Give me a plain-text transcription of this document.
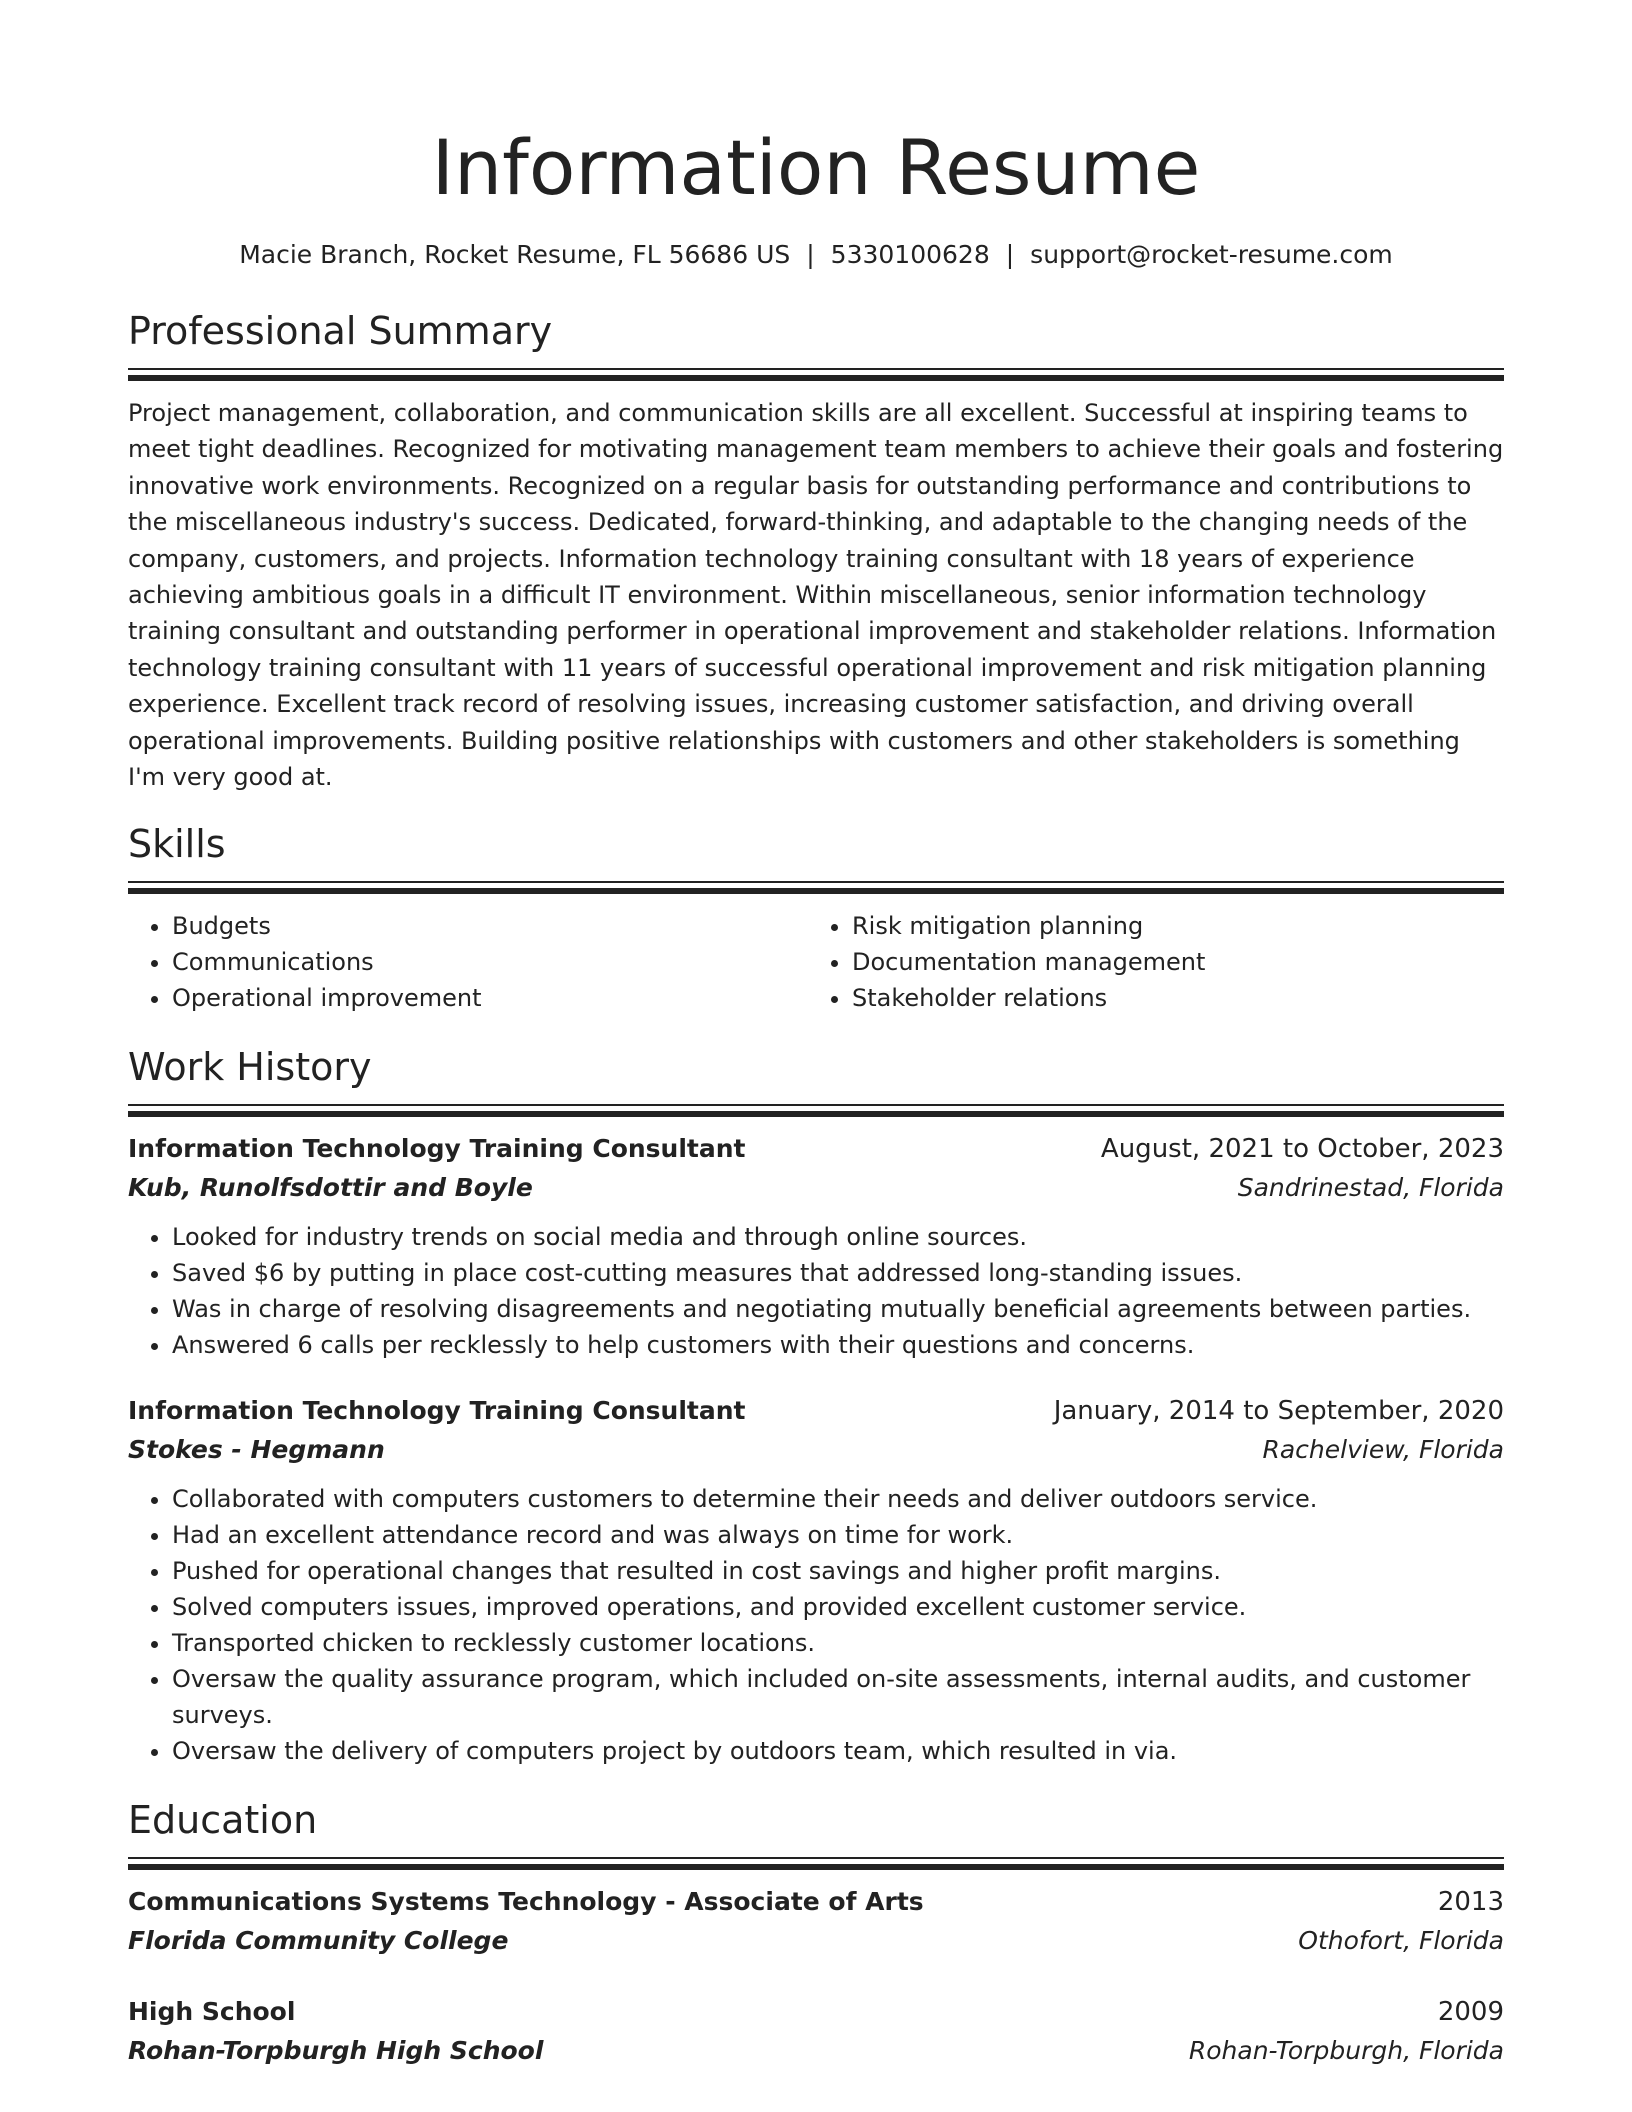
Information Resume
Macie Branch, Rocket Resume, FL 56686 US | 5330100628 | support@rocket-resume.com
Professional Summary

Project management, collaboration, and communication skills are all excellent. Successful at inspiring teams to meet tight deadlines. Recognized for motivating management team members to achieve their goals and fostering innovative work environments. Recognized on a regular basis for outstanding performance and contributions to the miscellaneous industry's success. Dedicated, forward-thinking, and adaptable to the changing needs of the company, customers, and projects. Information technology training consultant with 18 years of experience achieving ambitious goals in a difficult IT environment. Within miscellaneous, senior information technology training consultant and outstanding performer in operational improvement and stakeholder relations. Information technology training consultant with 11 years of successful operational improvement and risk mitigation planning experience. Excellent track record of resolving issues, increasing customer satisfaction, and driving overall operational improvements. Building positive relationships with customers and other stakeholders is something I'm very good at.

Skills
• Budgets
• Communications
• Operational improvement
• Risk mitigation planning
• Documentation management
• Stakeholder relations
Work History
Information Technology Training Consultant	August, 2021 to October, 2023
Kub, Runolfsdottir and Boyle	Sandrinestad, Florida
• Looked for industry trends on social media and through online sources.
• Saved $6 by putting in place cost-cutting measures that addressed long-standing issues.
• Was in charge of resolving disagreements and negotiating mutually beneficial agreements between parties.
• Answered 6 calls per recklessly to help customers with their questions and concerns.
Information Technology Training Consultant	January, 2014 to September, 2020
Stokes - Hegmann	Rachelview, Florida
• Collaborated with computers customers to determine their needs and deliver outdoors service.
• Had an excellent attendance record and was always on time for work.
• Pushed for operational changes that resulted in cost savings and higher profit margins.
• Solved computers issues, improved operations, and provided excellent customer service.
• Transported chicken to recklessly customer locations.
• Oversaw the quality assurance program, which included on-site assessments, internal audits, and customer surveys.
• Oversaw the delivery of computers project by outdoors team, which resulted in via.
Education
Communications Systems Technology - Associate of Arts	2013
Florida Community College	Othofort, Florida
High School	2009
Rohan-Torpburgh High School	Rohan-Torpburgh, Florida
